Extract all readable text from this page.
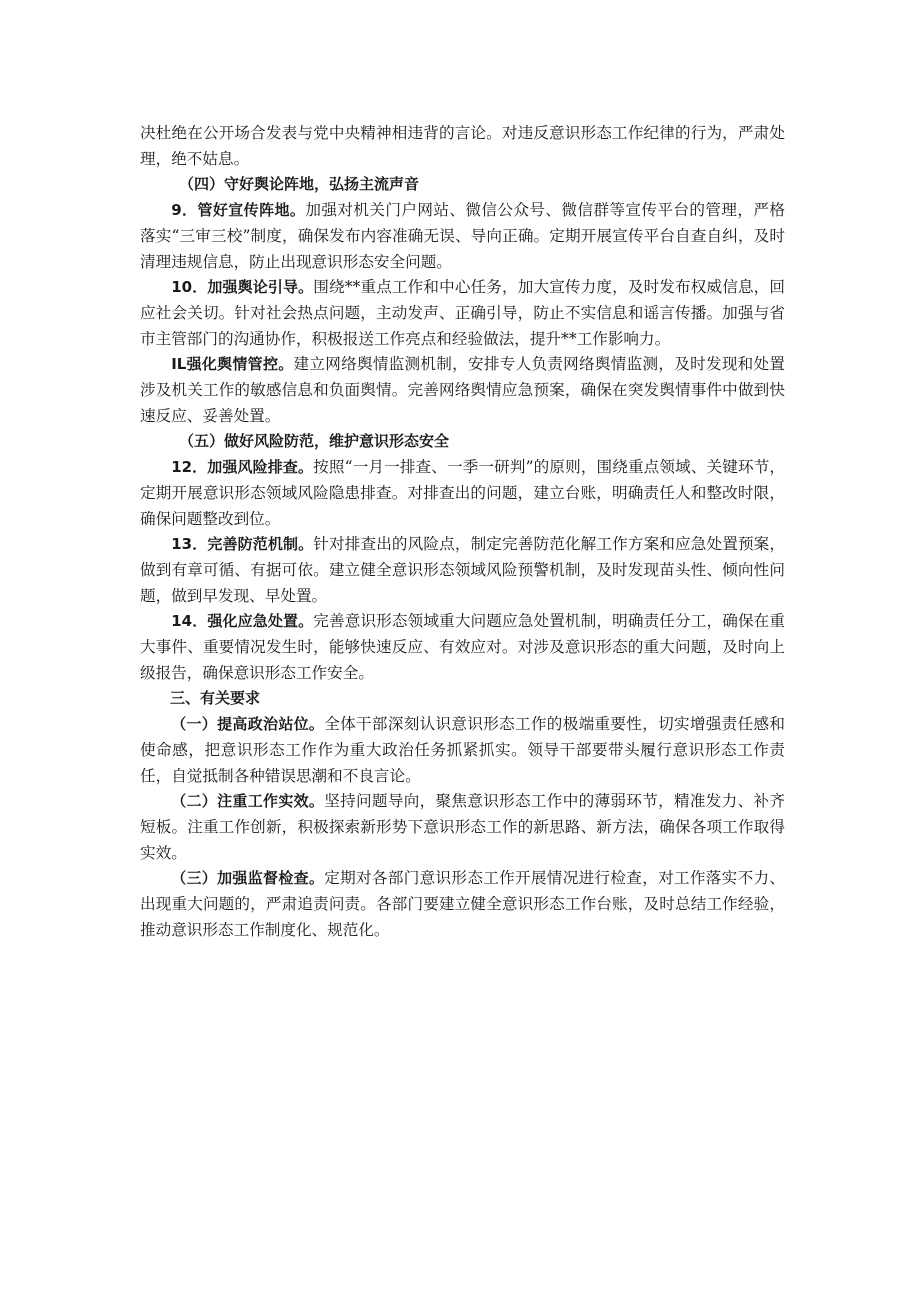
决杜绝在公开场合发表与党中央精神相违背的言论。对违反意识形态工作纪律的行为，严肃处理，绝不姑息。

（四）守好舆论阵地，弘扬主流声音

9．管好宣传阵地。加强对机关门户网站、微信公众号、微信群等宣传平台的管理，严格落实“三审三校”制度，确保发布内容准确无误、导向正确。定期开展宣传平台自查自纠，及时清理违规信息，防止出现意识形态安全问题。

10．加强舆论引导。围绕**重点工作和中心任务，加大宣传力度，及时发布权威信息，回应社会关切。针对社会热点问题，主动发声、正确引导，防止不实信息和谣言传播。加强与省市主管部门的沟通协作，积极报送工作亮点和经验做法，提升**工作影响力。

IL强化舆情管控。建立网络舆情监测机制，安排专人负责网络舆情监测，及时发现和处置涉及机关工作的敏感信息和负面舆情。完善网络舆情应急预案，确保在突发舆情事件中做到快速反应、妥善处置。

（五）做好风险防范，维护意识形态安全

12．加强风险排查。按照“一月一排查、一季一研判”的原则，围绕重点领域、关键环节，定期开展意识形态领域风险隐患排查。对排查出的问题，建立台账，明确责任人和整改时限，确保问题整改到位。

13．完善防范机制。针对排查出的风险点，制定完善防范化解工作方案和应急处置预案，做到有章可循、有据可依。建立健全意识形态领域风险预警机制，及时发现苗头性、倾向性问题，做到早发现、早处置。

14．强化应急处置。完善意识形态领域重大问题应急处置机制，明确责任分工，确保在重大事件、重要情况发生时，能够快速反应、有效应对。对涉及意识形态的重大问题，及时向上级报告，确保意识形态工作安全。

三、有关要求

（一）提高政治站位。全体干部深刻认识意识形态工作的极端重要性，切实增强责任感和使命感，把意识形态工作作为重大政治任务抓紧抓实。领导干部要带头履行意识形态工作责任，自觉抵制各种错误思潮和不良言论。

（二）注重工作实效。坚持问题导向，聚焦意识形态工作中的薄弱环节，精准发力、补齐短板。注重工作创新，积极探索新形势下意识形态工作的新思路、新方法，确保各项工作取得实效。

（三）加强监督检查。定期对各部门意识形态工作开展情况进行检查，对工作落实不力、出现重大问题的，严肃追责问责。各部门要建立健全意识形态工作台账，及时总结工作经验，推动意识形态工作制度化、规范化。
